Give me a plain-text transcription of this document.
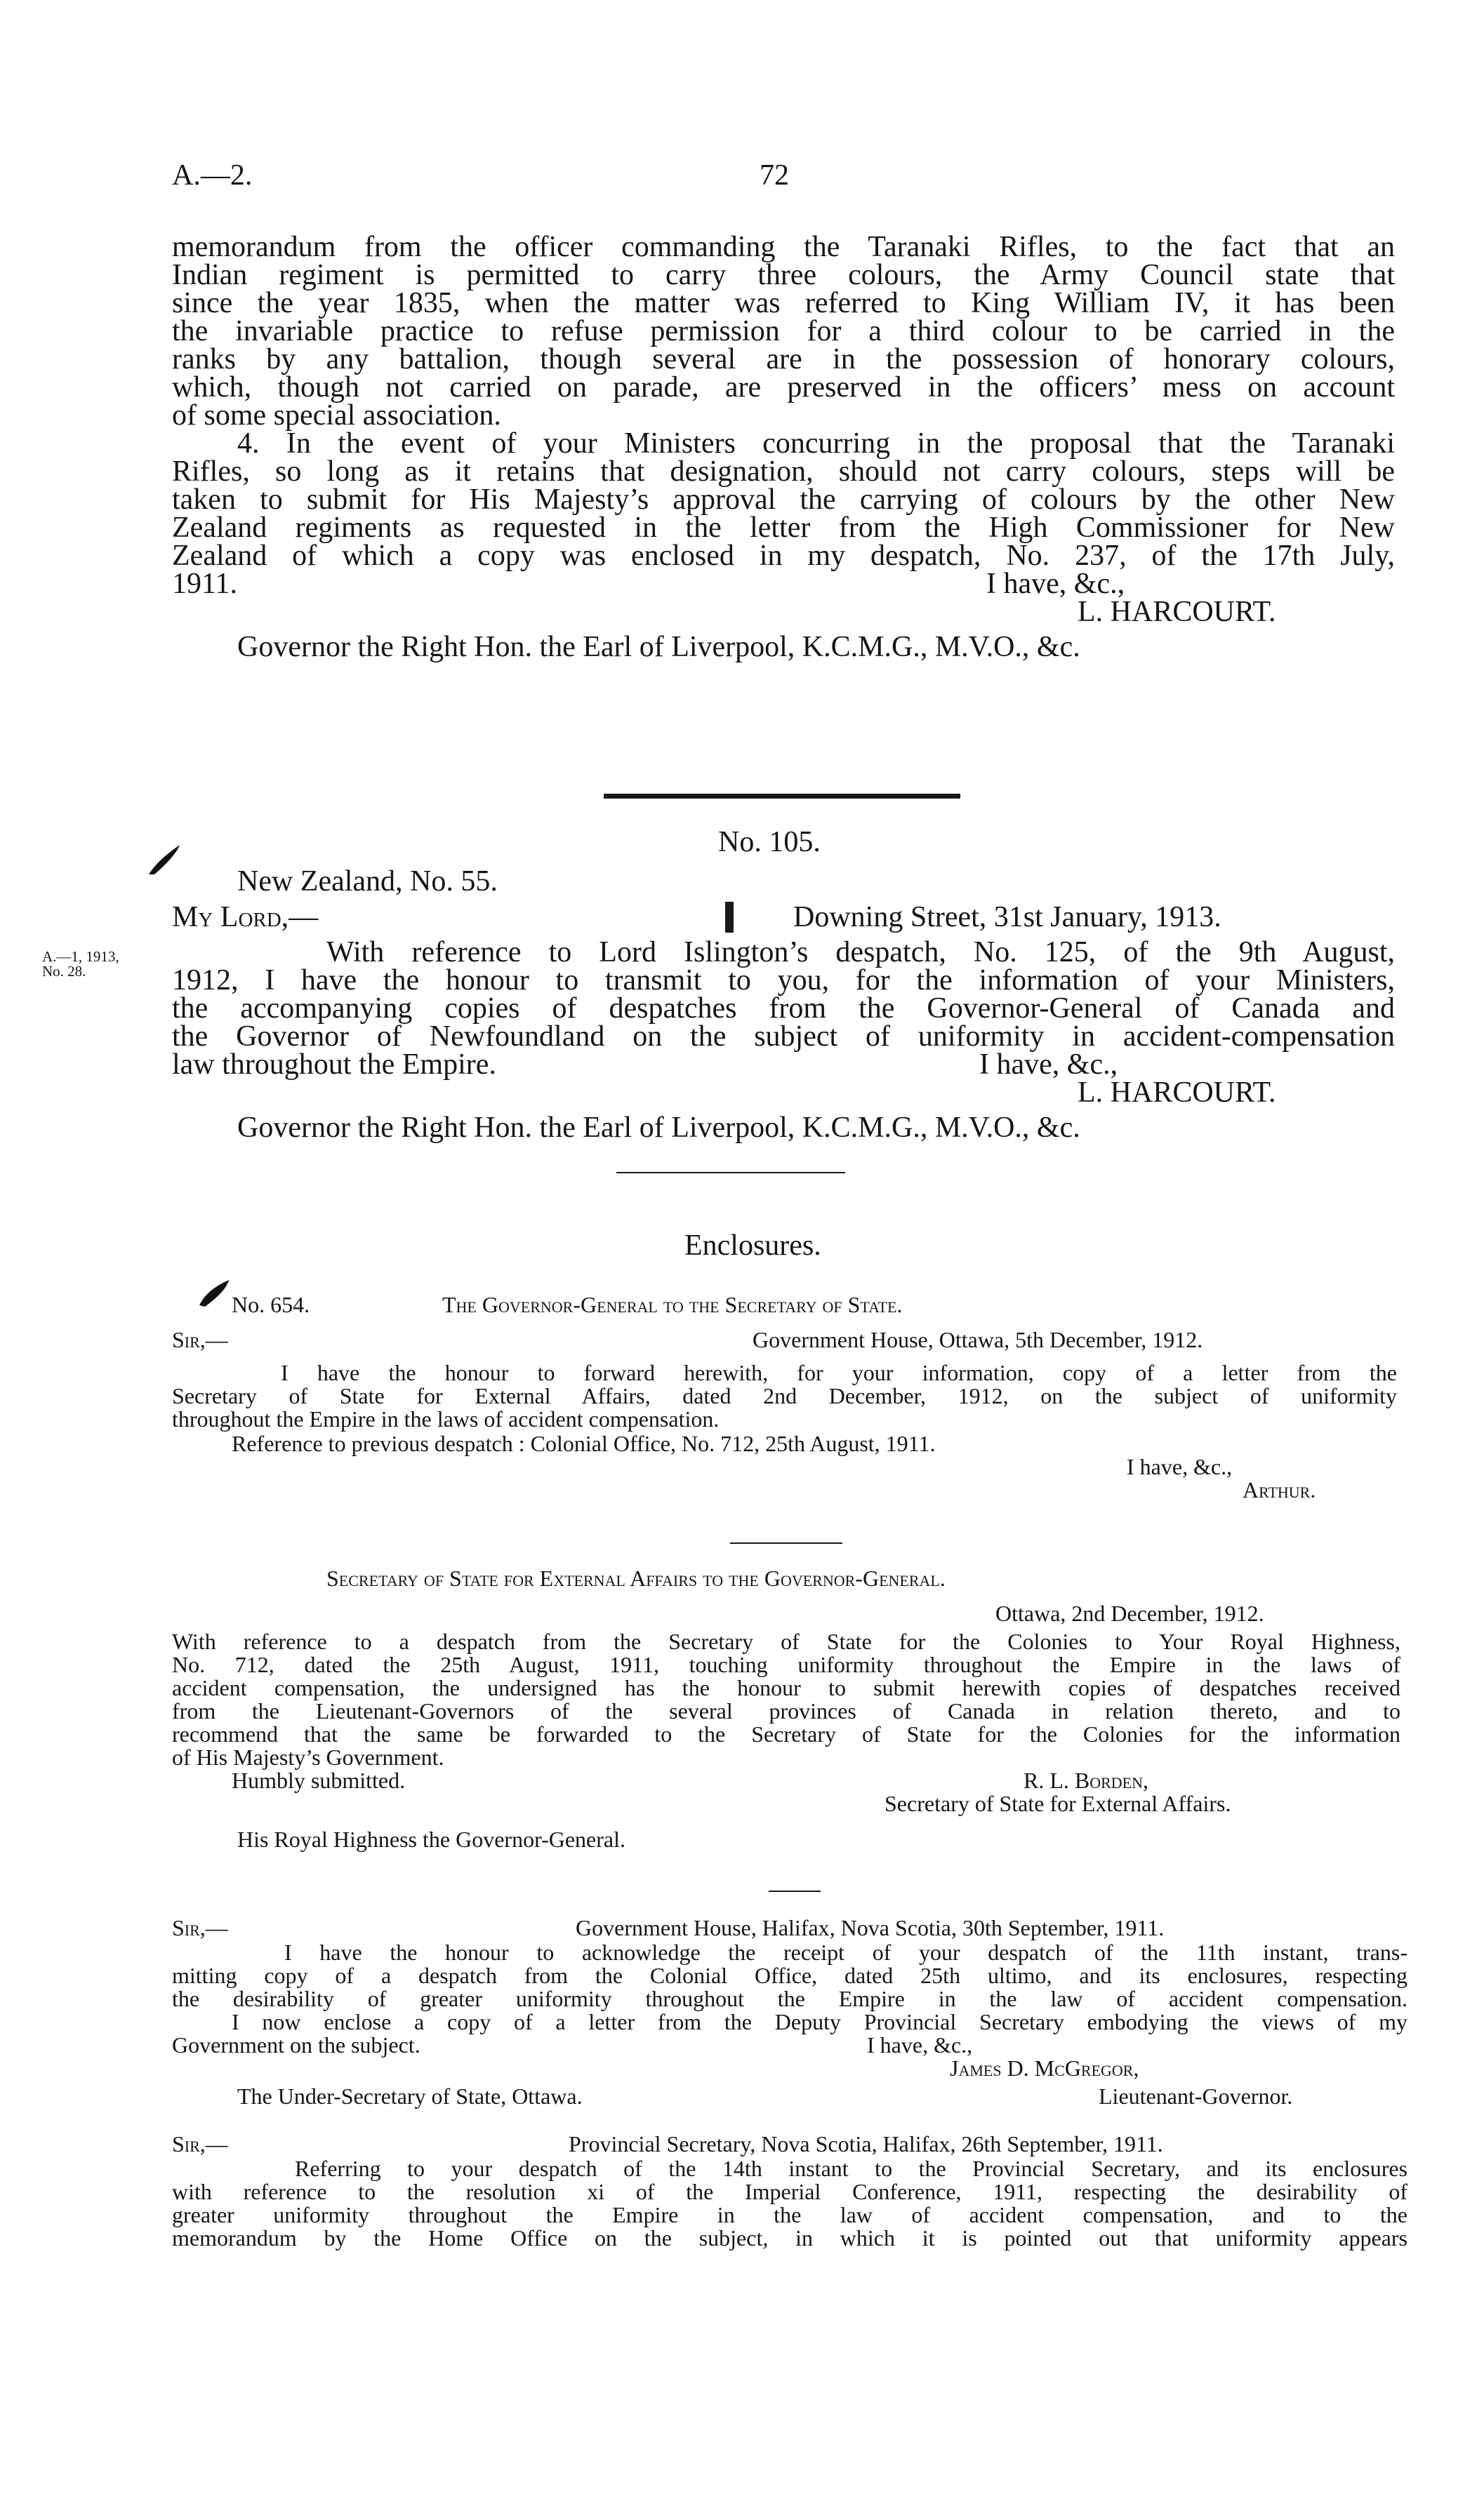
A.—2.	72
memorandum from the officer commanding the Taranaki Rifles, to the fact that an
Indian regiment is permitted to carry three colours, the Army Council state that
since the year 1835, when the matter was referred to King William IV, it has been
the invariable practice to refuse permission for a third colour to be carried in the
ranks by any battalion, though several are in the possession of honorary colours,
which, though not carried on parade, are preserved in the officers’ mess on account
of some special association.
4. In the event of your Ministers concurring in the proposal that the Taranaki
Rifles, so long as it retains that designation, should not carry colours, steps will be
taken to submit for His Majesty’s approval the carrying of colours by the other New
Zealand regiments as requested in the letter from the High Commissioner for New
Zealand of which a copy was enclosed in my despatch, No. 237, of the 17th July,
1911.	I have, &c.,
L. HARCOURT.
Governor the Right Hon. the Earl of Liverpool, K.C.M.G., M.V.O., &c.
No. 105.
New Zealand, No. 55.
My Lord,—	Downing Street, 31st January, 1913.
A.—1, 1913,
No. 28.
With reference to Lord Islington’s despatch, No. 125, of the 9th August,
1912, I have the honour to transmit to you, for the information of your Ministers,
the accompanying copies of despatches from the Governor-General of Canada and
the Governor of Newfoundland on the subject of uniformity in accident-compensation
law throughout the Empire.	I have, &c.,
L. HARCOURT.
Governor the Right Hon. the Earl of Liverpool, K.C.M.G., M.V.O., &c.
Enclosures.
No. 654.	The Governor-General to the Secretary of State.
Sir,—	Government House, Ottawa, 5th December, 1912.
I have the honour to forward herewith, for your information, copy of a letter from the
Secretary of State for External Affairs, dated 2nd December, 1912, on the subject of uniformity
throughout the Empire in the laws of accident compensation.
Reference to previous despatch : Colonial Office, No. 712, 25th August, 1911.
I have, &c.,
Arthur.
Secretary of State for External Affairs to the Governor-General.
Ottawa, 2nd December, 1912.
With reference to a despatch from the Secretary of State for the Colonies to Your Royal Highness,
No. 712, dated the 25th August, 1911, touching uniformity throughout the Empire in the laws of
accident compensation, the undersigned has the honour to submit herewith copies of despatches received
from the Lieutenant-Governors of the several provinces of Canada in relation thereto, and to
recommend that the same be forwarded to the Secretary of State for the Colonies for the information
of His Majesty’s Government.
Humbly submitted.	R. L. Borden,
Secretary of State for External Affairs.
His Royal Highness the Governor-General.
Sir,—	Government House, Halifax, Nova Scotia, 30th September, 1911.
I have the honour to acknowledge the receipt of your despatch of the 11th instant, trans-
mitting copy of a despatch from the Colonial Office, dated 25th ultimo, and its enclosures, respecting
the desirability of greater uniformity throughout the Empire in the law of accident compensation.
I now enclose a copy of a letter from the Deputy Provincial Secretary embodying the views of my
Government on the subject.	I have, &c.,
James D. McGregor,
The Under-Secretary of State, Ottawa.	Lieutenant-Governor.
Sir,—	Provincial Secretary, Nova Scotia, Halifax, 26th September, 1911.
Referring to your despatch of the 14th instant to the Provincial Secretary, and its enclosures
with reference to the resolution xi of the Imperial Conference, 1911, respecting the desirability of
greater uniformity throughout the Empire in the law of accident compensation, and to the
memorandum by the Home Office on the subject, in which it is pointed out that uniformity appears
